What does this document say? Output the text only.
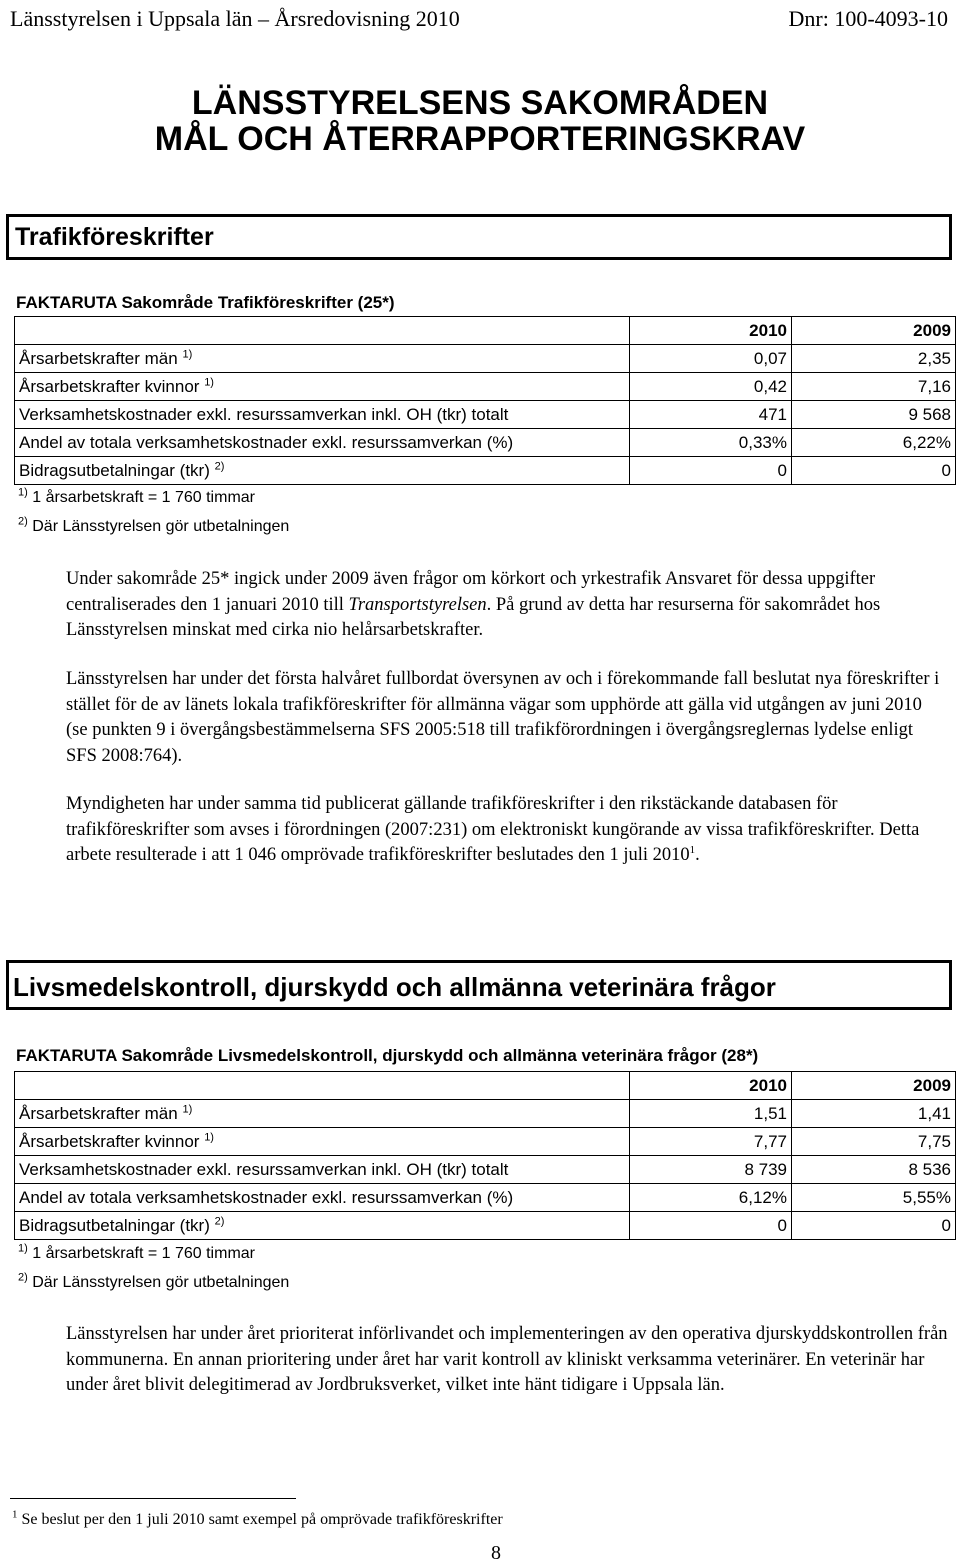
Länsstyrelsen i Uppsala län – Årsredovisning 2010	Dnr: 100-4093-10
LÄNSSTYRELSENS SAKOMRÅDEN
MÅL OCH ÅTERRAPPORTERINGSKRAV
Trafikföreskrifter
FAKTARUTA Sakområde Trafikföreskrifter (25*)
	2010	2009
Årsarbetskrafter män $^{1)}$	0,07	2,35
Årsarbetskrafter kvinnor $^{1)}$	0,42	7,16
Verksamhetskostnader exkl. resurssamverkan inkl. OH (tkr) totalt	471	9 568
Andel av totala verksamhetskostnader exkl. resurssamverkan (%)	0,33%	6,22%
Bidragsutbetalningar (tkr) $^{2)}$	0	0
$^{1)}$ 1 årsarbetskraft = 1 760 timmar
$^{2)}$ Där Länsstyrelsen gör utbetalningen
Under sakområde 25* ingick under 2009 även frågor om körkort och yrkestrafik Ansvaret för dessa uppgifter centraliserades den 1 januari 2010 till Transportstyrelsen. På grund av detta har resurserna för sakområdet hos Länsstyrelsen minskat med cirka nio helårsarbetskrafter.
Länsstyrelsen har under det första halvåret fullbordat översynen av och i förekommande fall beslutat nya föreskrifter i stället för de av länets lokala trafikföreskrifter för allmänna vägar som upphörde att gälla vid utgången av juni 2010 (se punkten 9 i övergångsbestämmelserna SFS 2005:518 till trafikförordningen i övergångsreglernas lydelse enligt SFS 2008:764).
Myndigheten har under samma tid publicerat gällande trafikföreskrifter i den rikstäckande databasen för trafikföreskrifter som avses i förordningen (2007:231) om elektroniskt kungörande av vissa trafikföreskrifter. Detta arbete resulterade i att 1 046 omprövade trafikföreskrifter beslutades den 1 juli 2010$^1$.
Livsmedelskontroll, djurskydd och allmänna veterinära frågor
FAKTARUTA Sakområde Livsmedelskontroll, djurskydd och allmänna veterinära frågor (28*)
	2010	2009
Årsarbetskrafter män $^{1)}$	1,51	1,41
Årsarbetskrafter kvinnor $^{1)}$	7,77	7,75
Verksamhetskostnader exkl. resurssamverkan inkl. OH (tkr) totalt	8 739	8 536
Andel av totala verksamhetskostnader exkl. resurssamverkan (%)	6,12%	5,55%
Bidragsutbetalningar (tkr) $^{2)}$	0	0
$^{1)}$ 1 årsarbetskraft = 1 760 timmar
$^{2)}$ Där Länsstyrelsen gör utbetalningen
Länsstyrelsen har under året prioriterat införlivandet och implementeringen av den operativa djurskyddskontrollen från kommunerna. En annan prioritering under året har varit kontroll av kliniskt verksamma veterinärer. En veterinär har under året blivit delegitimerad av Jordbruksverket, vilket inte hänt tidigare i Uppsala län.
$^1$ Se beslut per den 1 juli 2010 samt exempel på omprövade trafikföreskrifter
8
